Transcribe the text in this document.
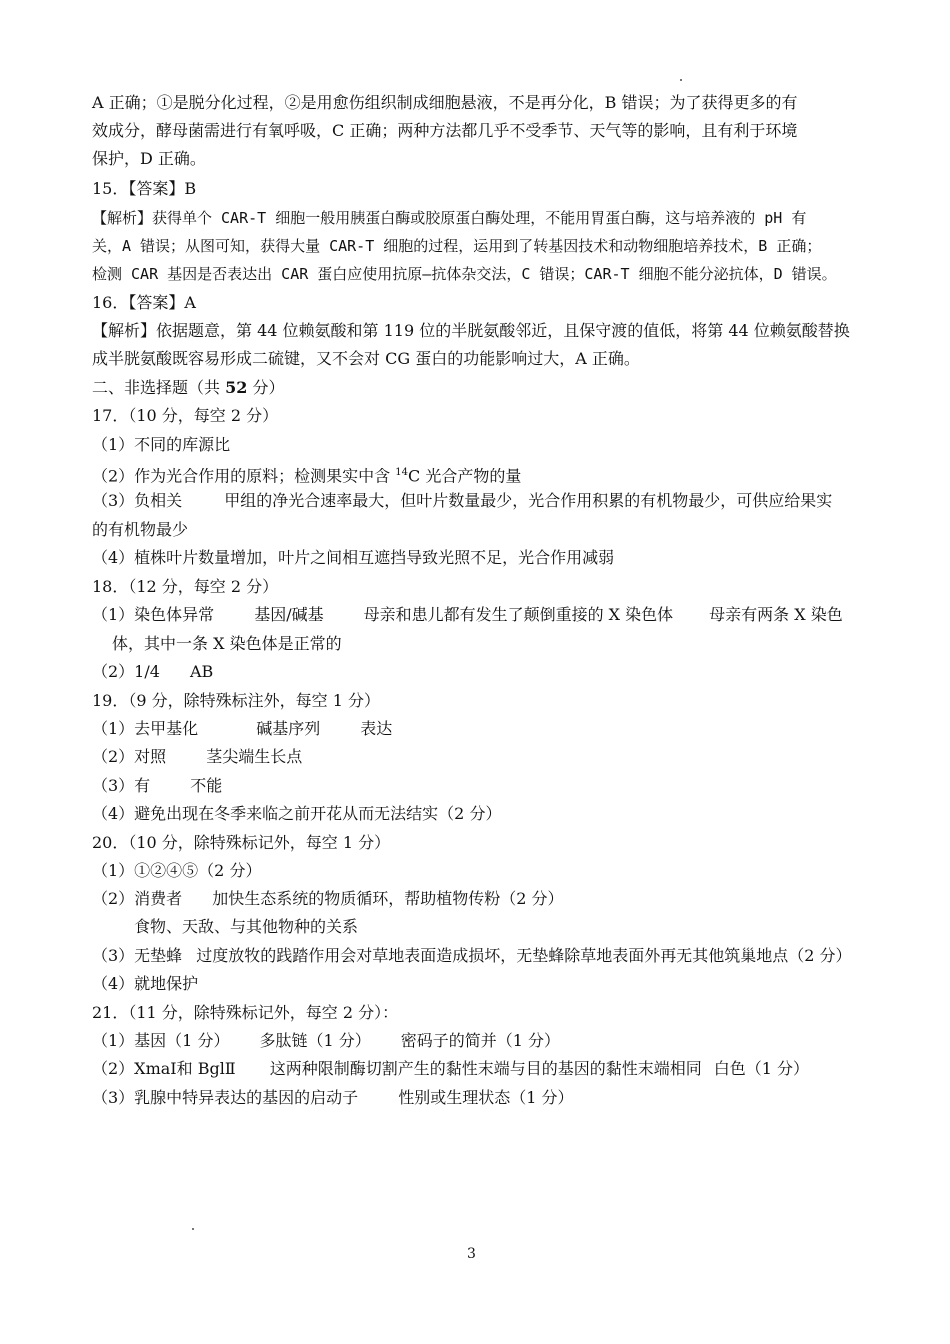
A 正确；①是脱分化过程，②是用愈伤组织制成细胞悬液，不是再分化，B 错误；为了获得更多的有
效成分，酵母菌需进行有氧呼吸，C 正确；两种方法都几乎不受季节、天气等的影响，且有利于环境
保护，D 正确。
15．【答案】B
【解析】获得单个 CAR-T 细胞一般用胰蛋白酶或胶原蛋白酶处理，不能用胃蛋白酶，这与培养液的 pH 有
关，A 错误；从图可知，获得大量 CAR-T 细胞的过程，运用到了转基因技术和动物细胞培养技术，B 正确；
检测 CAR 基因是否表达出 CAR 蛋白应使用抗原—抗体杂交法，C 错误；CAR-T 细胞不能分泌抗体，D 错误。
16．【答案】A
【解析】依据题意，第 44 位赖氨酸和第 119 位的半胱氨酸邻近，且保守渡的值低，将第 44 位赖氨酸替换
成半胱氨酸既容易形成二硫键，又不会对 CG 蛋白的功能影响过大，A 正确。
二、非选择题（共 52 分）
17．（10 分，每空 2 分）
（1）不同的库源比
（2）作为光合作用的原料；检测果实中含 $^{14}$C 光合产物的量
（3）负相关	甲组的净光合速率最大，但叶片数量最少，光合作用积累的有机物最少，可供应给果实
的有机物最少
（4）植株叶片数量增加，叶片之间相互遮挡导致光照不足，光合作用减弱
18．（12 分，每空 2 分）
（1）染色体异常	基因/碱基	母亲和患儿都有发生了颠倒重接的 X 染色体 母亲有两条 X 染色
体，其中一条 X 染色体是正常的
（2）1/4 AB
19．（9 分，除特殊标注外，每空 1 分）
（1）去甲基化	碱基序列	表达
（2）对照	茎尖端生长点
（3）有	不能
（4）避免出现在冬季来临之前开花从而无法结实（2 分）
20．（10 分，除特殊标记外，每空 1 分）
（1）①②④⑤（2 分）
（2）消费者 加快生态系统的物质循环，帮助植物传粉（2 分）
食物、天敌、与其他物种的关系
（3）无垫蜂 过度放牧的践踏作用会对草地表面造成损坏，无垫蜂除草地表面外再无其他筑巢地点（2 分）
（4）就地保护
21．（11 分，除特殊标记外，每空 2 分）：
（1）基因（1 分） 多肽链（1 分） 密码子的简并（1 分）
（2）XmaⅠ和 BglⅡ 这两种限制酶切割产生的黏性末端与目的基因的黏性末端相同 白色（1 分）
（3）乳腺中特异表达的基因的启动子	性别或生理状态（1 分）
3
